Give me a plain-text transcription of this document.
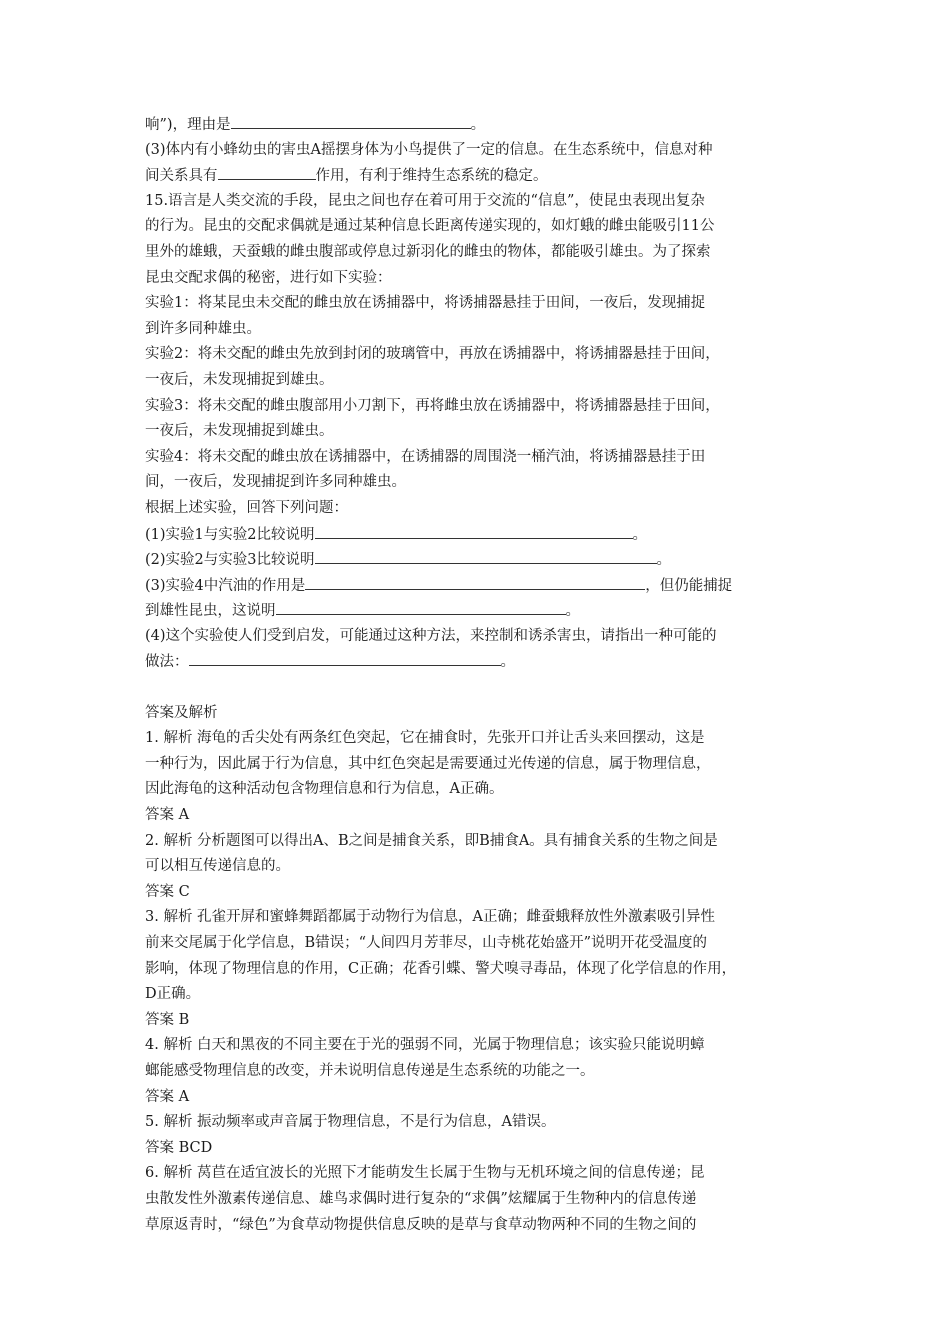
响”)，理由是	。
(3)体内有小蜂幼虫的害虫A摇摆身体为小鸟提供了一定的信息。在生态系统中，信息对种
间关系具有	作用，有利于维持生态系统的稳定。
15.语言是人类交流的手段，昆虫之间也存在着可用于交流的“信息”，使昆虫表现出复杂
的行为。昆虫的交配求偶就是通过某种信息长距离传递实现的，如灯蛾的雌虫能吸引11公
里外的雄蛾，天蚕蛾的雌虫腹部或停息过新羽化的雌虫的物体，都能吸引雄虫。为了探索
昆虫交配求偶的秘密，进行如下实验：
实验1：将某昆虫未交配的雌虫放在诱捕器中，将诱捕器悬挂于田间，一夜后，发现捕捉
到许多同种雄虫。
实验2：将未交配的雌虫先放到封闭的玻璃管中，再放在诱捕器中，将诱捕器悬挂于田间，
一夜后，未发现捕捉到雄虫。
实验3：将未交配的雌虫腹部用小刀割下，再将雌虫放在诱捕器中，将诱捕器悬挂于田间，
一夜后，未发现捕捉到雄虫。
实验4：将未交配的雌虫放在诱捕器中，在诱捕器的周围浇一桶汽油，将诱捕器悬挂于田
间，一夜后，发现捕捉到许多同种雄虫。
根据上述实验，回答下列问题：
(1)实验1与实验2比较说明	。
(2)实验2与实验3比较说明	。
(3)实验4中汽油的作用是	，但仍能捕捉
到雄性昆虫，这说明	。
(4)这个实验使人们受到启发，可能通过这种方法，来控制和诱杀害虫，请指出一种可能的
做法：	。
答案及解析
1. 解析 海龟的舌尖处有两条红色突起，它在捕食时，先张开口并让舌头来回摆动，这是
一种行为，因此属于行为信息，其中红色突起是需要通过光传递的信息，属于物理信息，
因此海龟的这种活动包含物理信息和行为信息，A正确。
答案 A
2. 解析 分析题图可以得出A、B之间是捕食关系，即B捕食A。具有捕食关系的生物之间是
可以相互传递信息的。
答案 C
3. 解析 孔雀开屏和蜜蜂舞蹈都属于动物行为信息，A正确；雌蚕蛾释放性外激素吸引异性
前来交尾属于化学信息，B错误；“人间四月芳菲尽，山寺桃花始盛开”说明开花受温度的
影响，体现了物理信息的作用，C正确；花香引蝶、警犬嗅寻毒品，体现了化学信息的作用，
D正确。
答案 B
4. 解析 白天和黑夜的不同主要在于光的强弱不同，光属于物理信息；该实验只能说明蟑
螂能感受物理信息的改变，并未说明信息传递是生态系统的功能之一。
答案 A
5. 解析 振动频率或声音属于物理信息，不是行为信息，A错误。
答案 BCD
6. 解析 莴苣在适宜波长的光照下才能萌发生长属于生物与无机环境之间的信息传递；昆
虫散发性外激素传递信息、雄鸟求偶时进行复杂的“求偶”炫耀属于生物种内的信息传递
草原返青时，“绿色”为食草动物提供信息反映的是草与食草动物两种不同的生物之间的
